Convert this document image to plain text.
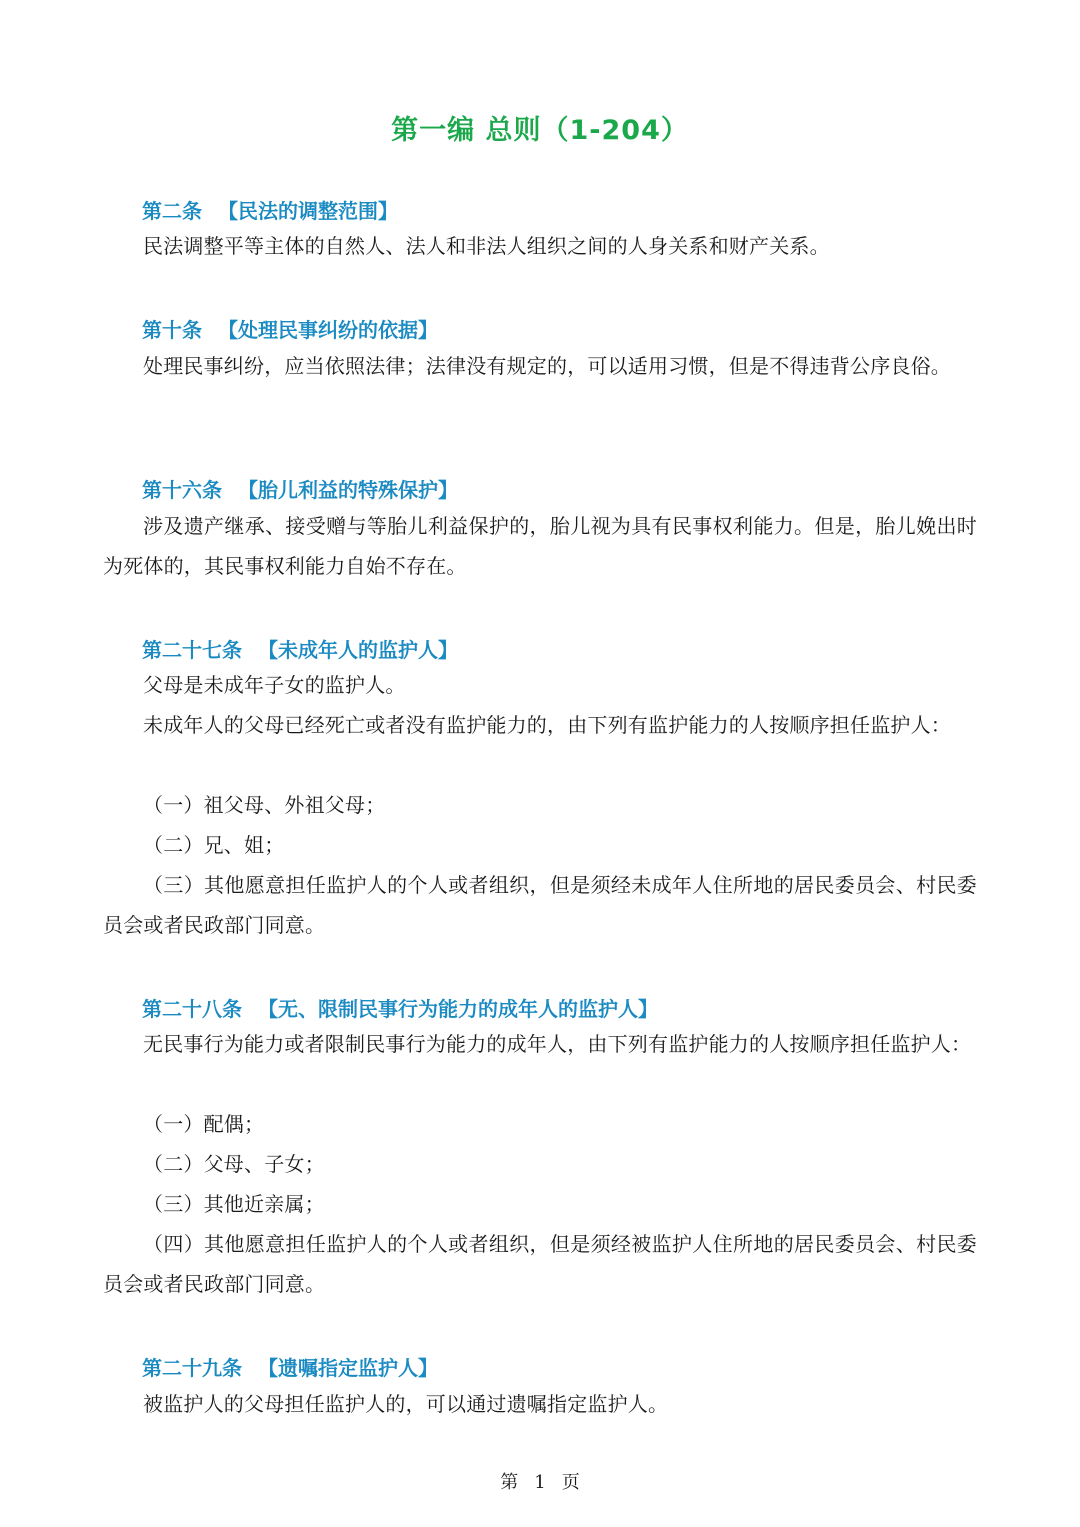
第一编 总则（1-204）
第二条 【民法的调整范围】

民法调整平等主体的自然人、法人和非法人组织之间的人身关系和财产关系。

第十条 【处理民事纠纷的依据】

处理民事纠纷，应当依照法律；法律没有规定的，可以适用习惯，但是不得违背公序良俗。

第十六条 【胎儿利益的特殊保护】

涉及遗产继承、接受赠与等胎儿利益保护的，胎儿视为具有民事权利能力。但是，胎儿娩出时为死体的，其民事权利能力自始不存在。

第二十七条 【未成年人的监护人】

父母是未成年子女的监护人。

未成年人的父母已经死亡或者没有监护能力的，由下列有监护能力的人按顺序担任监护人：

（一）祖父母、外祖父母；

（二）兄、姐；

（三）其他愿意担任监护人的个人或者组织，但是须经未成年人住所地的居民委员会、村民委员会或者民政部门同意。

第二十八条 【无、限制民事行为能力的成年人的监护人】

无民事行为能力或者限制民事行为能力的成年人，由下列有监护能力的人按顺序担任监护人：

（一）配偶；

（二）父母、子女；

（三）其他近亲属；

（四）其他愿意担任监护人的个人或者组织，但是须经被监护人住所地的居民委员会、村民委员会或者民政部门同意。

第二十九条 【遗嘱指定监护人】

被监护人的父母担任监护人的，可以通过遗嘱指定监护人。

第 1 页
